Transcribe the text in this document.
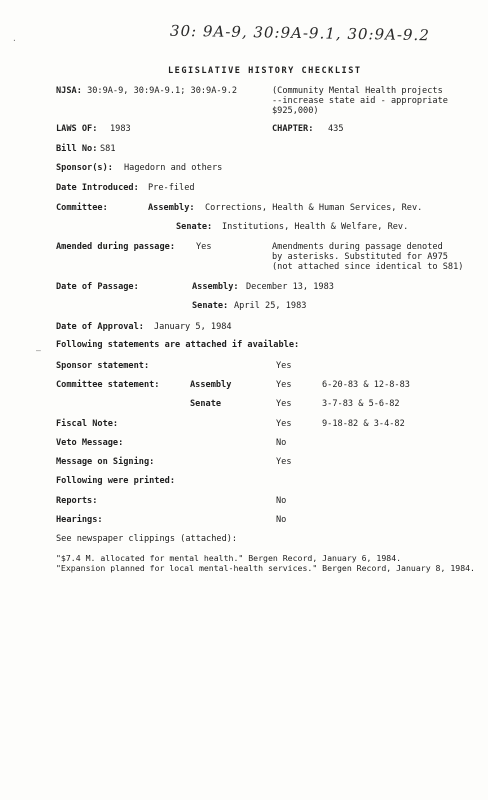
·
–
30: 9A-9, 30:9A-9.1, 30:9A-9.2
LEGISLATIVE HISTORY CHECKLIST
NJSA: 30:9A-9, 30:9A-9.1; 30:9A-9.2	(Community Mental Health projects
--increase state aid - appropriate
$925,000)
LAWS OF: 1983	CHAPTER: 435
Bill No: S81
Sponsor(s): Hagedorn and others
Date Introduced: Pre-filed
Committee:	Assembly: Corrections, Health & Human Services, Rev.
Senate: Institutions, Health & Welfare, Rev.
Amended during passage: Yes	Amendments during passage denoted
by asterisks. Substituted for A975
(not attached since identical to S81)
Date of Passage:	Assembly: December 13, 1983
Senate: April 25, 1983
Date of Approval: January 5, 1984
Following statements are attached if available:
Sponsor statement:	Yes
Committee statement:	Assembly	Yes	6-20-83 & 12-8-83
Senate	Yes	3-7-83 & 5-6-82
Fiscal Note:	Yes	9-18-82 & 3-4-82
Veto Message:	No
Message on Signing:	Yes
Following were printed:
Reports:	No
Hearings:	No
See newspaper clippings (attached):
"$7.4 M. allocated for mental health." Bergen Record, January 6, 1984.
"Expansion planned for local mental-health services." Bergen Record, January 8, 1984.
